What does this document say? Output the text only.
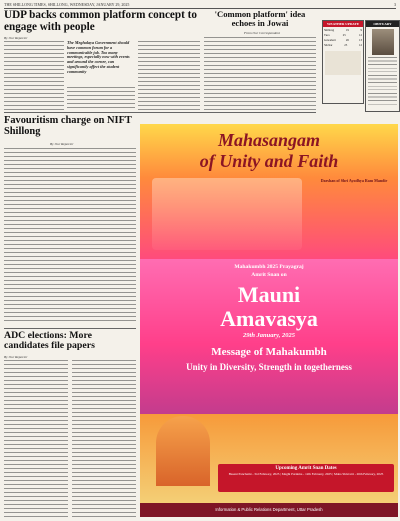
THE SHILLONG TIMES, SHILLONG, WEDNESDAY, JANUARY 29, 2025	3
UDP backs common platform concept to engage with people
By Our Reporter
The Meghalaya Government should have common forum for a communicable job. Too many meetings, especially now with events and around the corner, can significantly affect the student community
'Common platform' idea echoes in Jowai
From Our Correspondent
WEATHER UPDATE
Shillong	19	9
Tura	25	12
Guwahati	26	13
Silchar	25	12
OBITUARY
Favouritism charge on NIFT Shillong
By Our Reporter
ADC elections: More candidates file papers
By Our Reporter
Mahasangam
of Unity and Faith
Darshan of Shri Ayodhya Ram Mandir
Mahakumbh 2025 Prayagraj
Amrit Snan on
Mauni
Amavasya
29th January, 2025
Message of Mahakumbh
Unity in Diversity, Strength in togetherness
Upcoming Amrit Snan Dates
Basant Panchami - 3rd February, 2025 | Maghi Purnima - 12th February, 2025 | Maha Shivratri - 26th February, 2025
Information & Public Relations Department, Uttar Pradesh
